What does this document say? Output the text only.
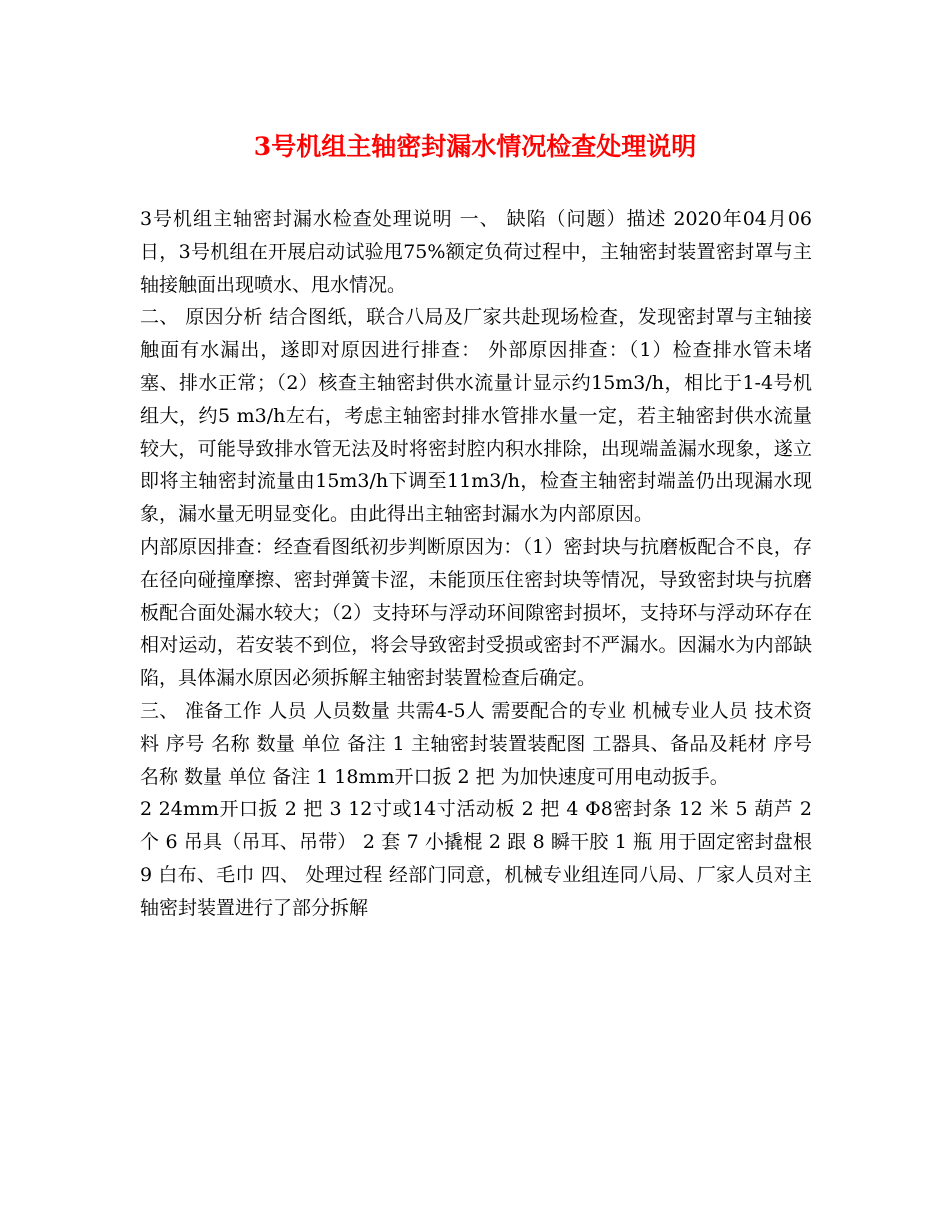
3号机组主轴密封漏水情况检查处理说明

3号机组主轴密封漏水检查处理说明 一、 缺陷（问题）描述 2020年04月06日，3号机组在开展启动试验甩75%额定负荷过程中，主轴密封装置密封罩与主轴接触面出现喷水、甩水情况。

二、 原因分析 结合图纸，联合八局及厂家共赴现场检查，发现密封罩与主轴接触面有水漏出，遂即对原因进行排查： 外部原因排查：（1）检查排水管未堵塞、排水正常；（2）核查主轴密封供水流量计显示约15m3/h，相比于1-4号机组大，约5 m3/h左右，考虑主轴密封排水管排水量一定，若主轴密封供水流量较大，可能导致排水管无法及时将密封腔内积水排除，出现端盖漏水现象，遂立即将主轴密封流量由15m3/h下调至11m3/h，检查主轴密封端盖仍出现漏水现象，漏水量无明显变化。由此得出主轴密封漏水为内部原因。

内部原因排查：经查看图纸初步判断原因为：（1）密封块与抗磨板配合不良，存在径向碰撞摩擦、密封弹簧卡涩，未能顶压住密封块等情况，导致密封块与抗磨板配合面处漏水较大；（2）支持环与浮动环间隙密封损坏，支持环与浮动环存在相对运动，若安装不到位，将会导致密封受损或密封不严漏水。因漏水为内部缺陷，具体漏水原因必须拆解主轴密封装置检查后确定。

三、 准备工作 人员 人员数量 共需4-5人 需要配合的专业 机械专业人员 技术资料 序号 名称 数量 单位 备注 1 主轴密封装置装配图 工器具、备品及耗材 序号 名称 数量 单位 备注 1 18mm开口扳 2 把 为加快速度可用电动扳手。

2 24mm开口扳 2 把 3 12寸或14寸活动板 2 把 4 Φ8密封条 12 米 5 葫芦 2 个 6 吊具（吊耳、吊带） 2 套 7 小撬棍 2 跟 8 瞬干胶 1 瓶 用于固定密封盘根 9 白布、毛巾 四、 处理过程 经部门同意，机械专业组连同八局、厂家人员对主轴密封装置进行了部分拆解
